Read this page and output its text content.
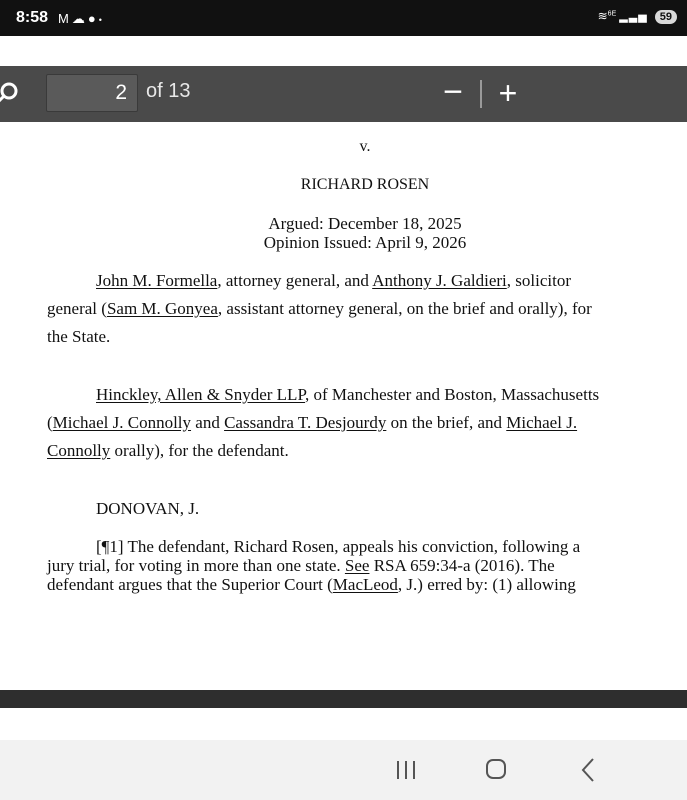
8:58 M☁●•	≋$^{6E}$ ▂▃▅ 59
2 of 13	− +
v.
RICHARD ROSEN
Argued: December 18, 2025
Opinion Issued: April 9, 2026
John M. Formella, attorney general, and Anthony J. Galdieri, solicitor
general (Sam M. Gonyea, assistant attorney general, on the brief and orally), for
the State.
Hinckley, Allen & Snyder LLP, of Manchester and Boston, Massachusetts
(Michael J. Connolly and Cassandra T. Desjourdy on the brief, and Michael J.
Connolly orally), for the defendant.
DONOVAN, J.
[¶1] The defendant, Richard Rosen, appeals his conviction, following a
jury trial, for voting in more than one state. See RSA 659:34-a (2016). The
defendant argues that the Superior Court (MacLeod, J.) erred by: (1) allowing
